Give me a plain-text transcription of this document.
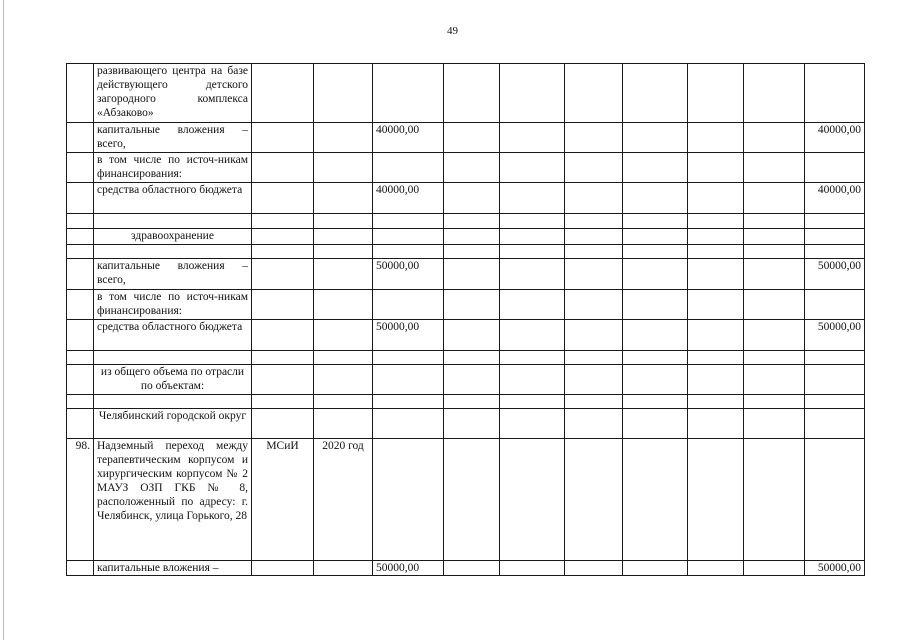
49
	развивающего центра на базе действующего детского загородного комплекса «Абзаково»										
	капитальные вложения – всего,			40000,00							40000,00
	в том числе по источ-никам финансирования:										
	средства областного бюджета			40000,00							40000,00

	здравоохранение										

	капитальные вложения – всего,			50000,00							50000,00
	в том числе по источ-никам финансирования:										
	средства областного бюджета			50000,00							50000,00

	из общего объема по отрасли по объектам:										

	Челябинский городской округ										
98.	Надземный переход между терапевтическим корпусом и хирургическим корпусом № 2 МАУЗ ОЗП ГКБ № 8, расположенный по адресу: г. Челябинск, улица Горького, 28	МСиИ	2020 год								
	капитальные вложения –			50000,00							50000,00
